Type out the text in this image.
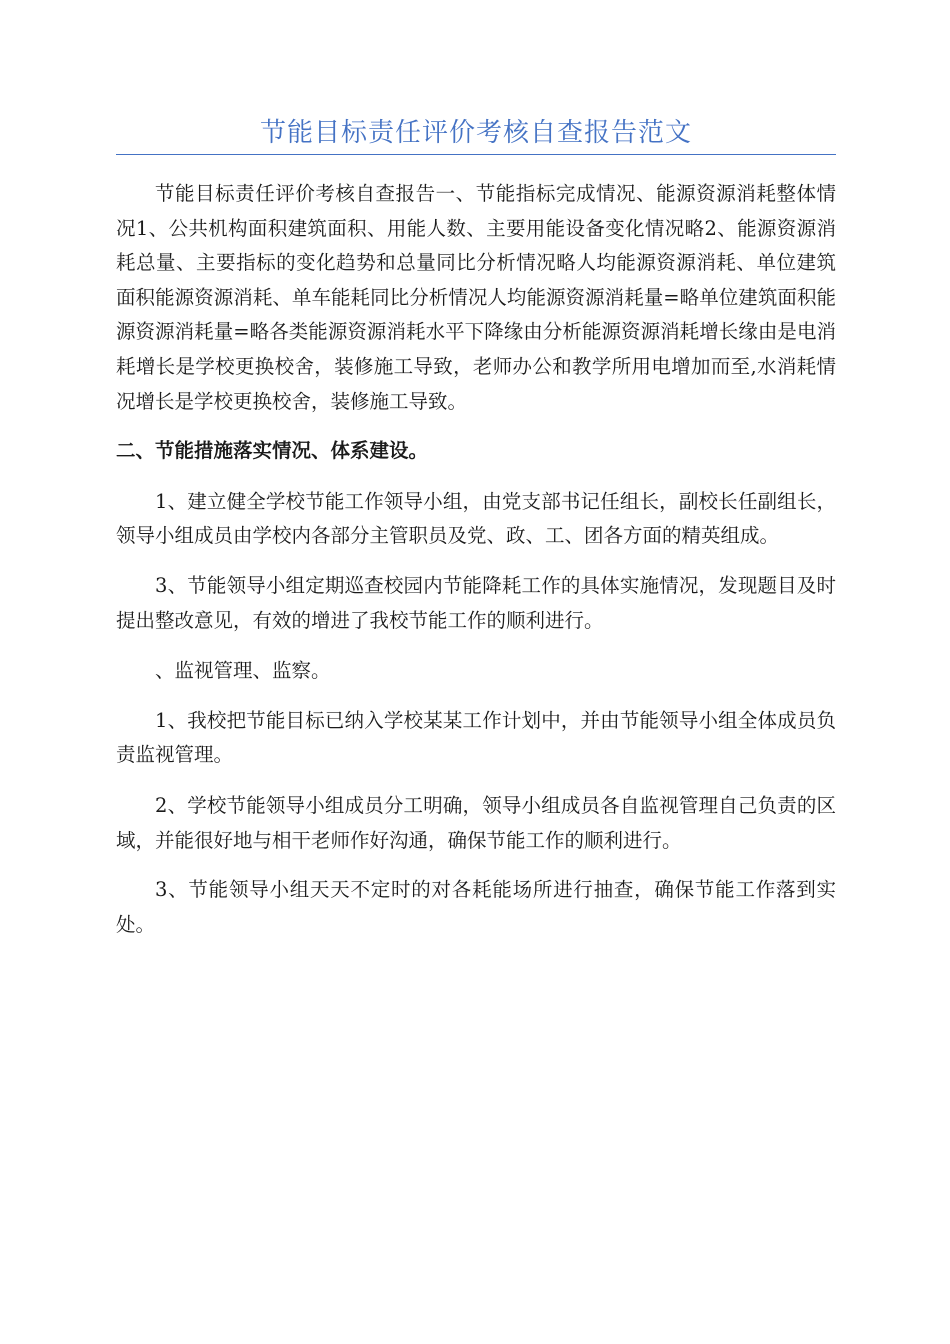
节能目标责任评价考核自查报告范文

节能目标责任评价考核自查报告一、节能指标完成情况、能源资源消耗整体情况1、公共机构面积建筑面积、用能人数、主要用能设备变化情况略2、能源资源消耗总量、主要指标的变化趋势和总量同比分析情况略人均能源资源消耗、单位建筑面积能源资源消耗、单车能耗同比分析情况人均能源资源消耗量=略单位建筑面积能源资源消耗量=略各类能源资源消耗水平下降缘由分析能源资源消耗增长缘由是电消耗增长是学校更换校舍，装修施工导致，老师办公和教学所用电增加而至,水消耗情况增长是学校更换校舍，装修施工导致。

二、节能措施落实情况、体系建设。

1、建立健全学校节能工作领导小组，由党支部书记任组长，副校长任副组长，领导小组成员由学校内各部分主管职员及党、政、工、团各方面的精英组成。

3、节能领导小组定期巡查校园内节能降耗工作的具体实施情况，发现题目及时提出整改意见，有效的增进了我校节能工作的顺利进行。

、监视管理、监察。

1、我校把节能目标已纳入学校某某工作计划中，并由节能领导小组全体成员负责监视管理。

2、学校节能领导小组成员分工明确，领导小组成员各自监视管理自己负责的区域，并能很好地与相干老师作好沟通，确保节能工作的顺利进行。

3、节能领导小组天天不定时的对各耗能场所进行抽查，确保节能工作落到实处。
